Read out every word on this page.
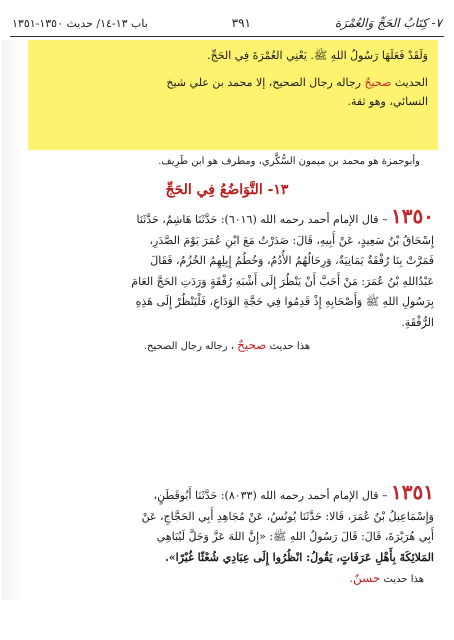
باب ١٣-١٤/ حديث ١٣٥٠-١٣٥١	٣٩١	٧- كِتَابُ الحَجِّ وَالعُمْرَة
وَلَقَدْ فَعَلَهَا رَسُولُ اللهِ ﷺ. يَعْنِي العُمْرَةَ فِي الحَجِّ.
الحديث صحيحٌ رجاله رجال الصحيح، إلا محمد بن علي شيخ
النسائي، وهو ثقة.
وأبوحمزة هو محمد بن ميمون السُّكَّري، ومطرف هو ابن طَرِيف.
١٣- التَّوَاضُعُ فِي الحَجِّ
١٣٥٠ – قال الإمام أحمد رحمه الله (٦٠١٦): حَدَّثَنَا هَاشِمٌ، حَدَّثَنَا
إِسْحَاقُ بْنُ سَعِيدٍ، عَنْ أَبِيهِ، قَالَ: صَدَرْتُ مَعَ ابْنِ عُمَرَ يَوْمَ الصَّدَرِ،
فَمَرَّتْ بِنَا رُفْقَةٌ يَمَانِيَةٌ، وَرِحَالُهُمُ الأُدُمُ، وَخُطُمُ إِبِلِهِمُ الخُزُمُ، فَقَالَ
عَبْدُاللهِ بْنُ عُمَرَ: مَنْ أَحَبَّ أَنْ يَنْظُرَ إِلَى أَشْبَهِ رُفْقَةٍ وَرَدَتِ الحَجَّ العَامَ
بِرَسُولِ اللهِ ﷺ وَأَصْحَابِهِ إِذْ قَدِمُوا فِي حَجَّةِ الوَدَاعِ، فَلْيَنْظُرْ إِلَى هَذِهِ
الرُّفْقَةِ.
هذا حديث صحيحٌ ، رجاله رجال الصحيح.
١٣٥١ – قال الإمام أحمد رحمه الله (٨٠٣٣): حَدَّثَنَا أَبُوقَطَنٍ،
وَإِسْمَاعِيلُ بْنُ عُمَرَ، قَالا: حَدَّثَنَا يُونُسُ، عَنْ مُجَاهِدِ أَبِي الحَجَّاجِ، عَنْ
أَبِي هُرَيْرَةَ، قَالَ: قَالَ رَسُولُ اللهِ ﷺ: «إِنَّ اللهَ عَزَّ وَجَلَّ لَيُبَاهِي
المَلائِكَةَ بِأَهْلِ عَرَفَاتٍ، يَقُولُ: انْظُرُوا إِلَى عِبَادِي شُعْثًا غُبْرًا».
هذا حديث حسنٌ.
